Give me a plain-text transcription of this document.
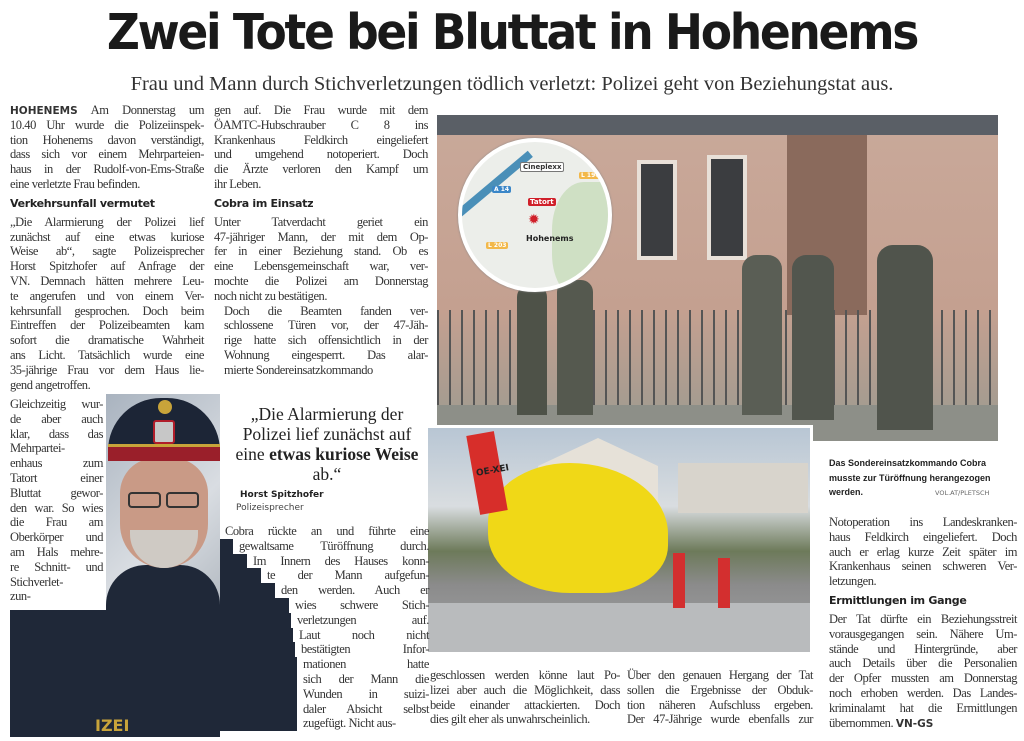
Zwei Tote bei Bluttat in Hohenems
Frau und Mann durch Stichverletzungen tödlich verletzt: Polizei geht von Beziehungstat aus.
IZEI
HOHENEMS Am Donnerstag um
10.40 Uhr wurde die Polizeiinspek-
tion Hohenems davon verständigt,
dass sich vor einem Mehrparteien-
haus in der Rudolf-von-Ems-Straße
eine verletzte Frau befinden.
Verkehrsunfall vermutet
„Die Alarmierung der Polizei lief
zunächst auf eine etwas kuriose
Weise ab“, sagte Polizeisprecher
Horst Spitzhofer auf Anfrage der
VN. Demnach hätten mehrere Leu-
te angerufen und von einem Ver-
kehrsunfall gesprochen. Doch beim
Eintreffen der Polizeibeamten kam
sofort die dramatische Wahrheit
ans Licht. Tatsächlich wurde eine
35-jährige Frau vor dem Haus lie-
gend angetroffen.
Gleichzeitig wur-
de aber auch
klar, dass das
Mehrpartei-
enhaus zum
Tatort einer
Bluttat gewor-
den war. So wies
die Frau am
Oberkörper und
am Hals mehre-
re Schnitt- und
Stichverlet-
zun-
gen auf. Die Frau wurde mit dem
ÖAMTC-Hubschrauber C 8 ins
Krankenhaus Feldkirch eingeliefert
und umgehend notoperiert. Doch
die Ärzte verloren den Kampf um
ihr Leben.
Cobra im Einsatz
Unter Tatverdacht geriet ein
47-jähriger Mann, der mit dem Op-
fer in einer Beziehung stand. Ob es
eine Lebensgemeinschaft war, ver-
mochte die Polizei am Donnerstag
noch nicht zu bestätigen.
Doch die Beamten fanden ver-
schlossene Türen vor, der 47-Jäh-
rige hatte sich offensichtlich in der
Wohnung eingesperrt. Das alar-
mierte Sondereinsatzkommando
Cobra rückte an und führte eine
gewaltsame Türöffnung durch.
Im Innern des Hauses konn-
te der Mann aufgefun-
den werden. Auch er
wies schwere Stich-
verletzungen auf.
Laut noch nicht
bestätigten Infor-
mationen hatte
sich der Mann die
Wunden in suizi-
daler Absicht selbst
zugefügt. Nicht aus-
„Die Alarmierung der Polizei lief zunächst auf eine etwas kuriose Weise ab.“
Horst Spitzhofer
Polizeisprecher
Cineplexx
A 14
L 190
L 203
Tatort
✹
Hohenems
OE-XEI
Das Sondereinsatzkommando Cobra musste zur Türöffnung herangezogen werden.	VOL.AT/PLETSCH
geschlossen werden könne laut Po-
lizei aber auch die Möglichkeit, dass
beide einander attackierten. Doch
dies gilt eher als unwahrscheinlich.
Über den genauen Hergang der Tat
sollen die Ergebnisse der Obduk-
tion näheren Aufschluss ergeben.
Der 47-Jährige wurde ebenfalls zur
Notoperation ins Landeskranken-
haus Feldkirch eingeliefert. Doch
auch er erlag kurze Zeit später im
Krankenhaus seinen schweren Ver-
letzungen.
Ermittlungen im Gange
Der Tat dürfte ein Beziehungsstreit
vorausgegangen sein. Nähere Um-
stände und Hintergründe, aber
auch Details über die Personalien
der Opfer mussten am Donnerstag
noch erhoben werden. Das Landes-
kriminalamt hat die Ermittlungen
übernommen. VN-GS
